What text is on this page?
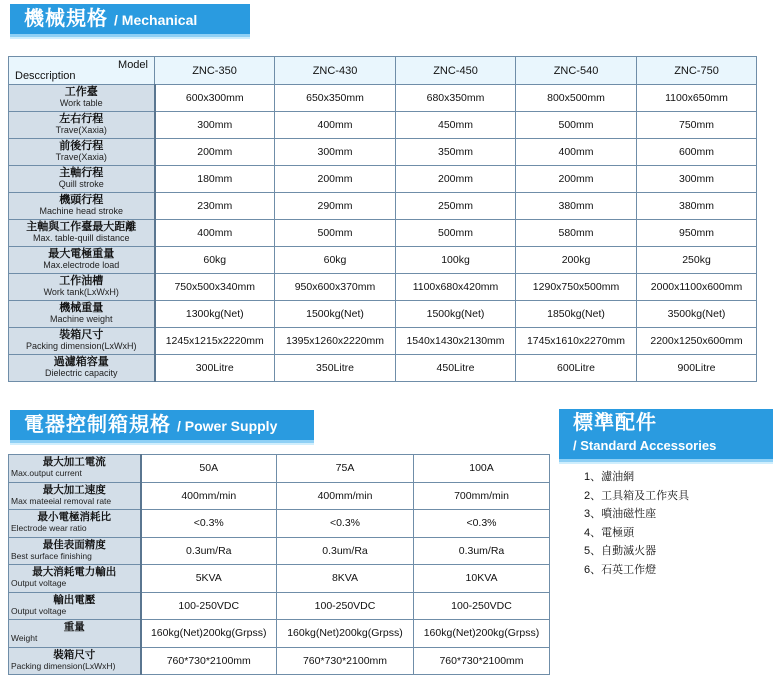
機械規格 / Mechanical
Model
Desccription	ZNC-350	ZNC-430	ZNC-450	ZNC-540	ZNC-750

工作臺
Work table	600x300mm	650x350mm	680x350mm	800x500mm	1100x650mm

左右行程
Trave(Xaxia)	300mm	400mm	450mm	500mm	750mm

前後行程
Trave(Xaxia)	200mm	300mm	350mm	400mm	600mm

主軸行程
Quill stroke	180mm	200mm	200mm	200mm	300mm

機頭行程
Machine head stroke	230mm	290mm	250mm	380mm	380mm

主軸與工作臺最大距離
Max. table-quill distance	400mm	500mm	500mm	580mm	950mm

最大電極重量
Max.electrode load	60kg	60kg	100kg	200kg	250kg

工作油槽
Work tank(LxWxH)	750x500x340mm	950x600x370mm	1100x680x420mm	1290x750x500mm	2000x1100x600mm

機械重量
Machine weight	1300kg(Net)	1500kg(Net)	1500kg(Net)	1850kg(Net)	3500kg(Net)

裝箱尺寸
Packing dimension(LxWxH)	1245x1215x2220mm	1395x1260x2220mm	1540x1430x2130mm	1745x1610x2270mm	2200x1250x600mm

過濾箱容量
Dielectric capacity	300Litre	350Litre	450Litre	600Litre	900Litre
電器控制箱規格 / Power Supply
最大加工電流
Max.output current	50A	75A	100A

最大加工速度
Max mateeial removal rate	400mm/min	400mm/min	700mm/min

最小電極消耗比
Electrode wear ratio	<0.3%	<0.3%	<0.3%

最佳表面精度
Best surface finishing	0.3um/Ra	0.3um/Ra	0.3um/Ra

最大消耗電力輸出
Output voltage	5KVA	8KVA	10KVA

輸出電壓
Output voltage	100-250VDC	100-250VDC	100-250VDC

重量
Weight	160kg(Net)200kg(Grpss)	160kg(Net)200kg(Grpss)	160kg(Net)200kg(Grpss)

裝箱尺寸
Packing dimension(LxWxH)	760*730*2100mm	760*730*2100mm	760*730*2100mm
標準配件
/ Standard Accessories
1、濾油網
2、工具箱及工作夾具
3、噴油磁性座
4、電極頭
5、自動滅火器
6、石英工作燈
